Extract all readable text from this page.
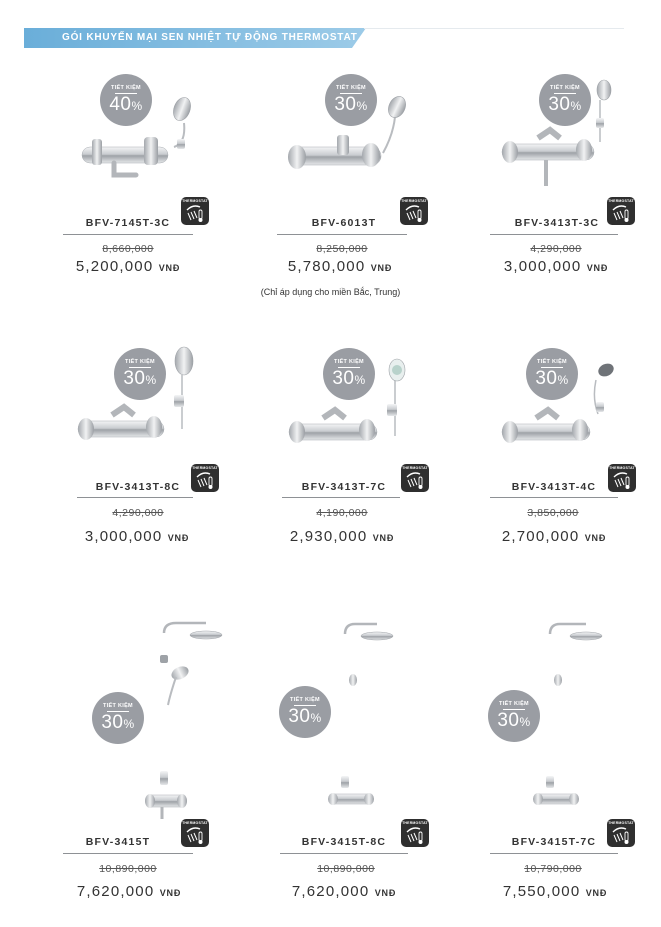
GÓI KHUYẾN MẠI SEN NHIỆT TỰ ĐỘNG THERMOSTAT
TIẾT KIỆM
40%
THERMOSTAT
BFV-7145T-3C
8,660,000
5,200,000 VNĐ
TIẾT KIỆM
30%
THERMOSTAT
BFV-6013T
8,250,000
5,780,000 VNĐ
TIẾT KIỆM
30%
THERMOSTAT
BFV-3413T-3C
4,290,000
3,000,000 VNĐ
(Chỉ áp dụng cho miền Bắc, Trung)
TIẾT KIỆM
30%
THERMOSTAT
BFV-3413T-8C
4,290,000
3,000,000 VNĐ
TIẾT KIỆM
30%
THERMOSTAT
BFV-3413T-7C
4,190,000
2,930,000 VNĐ
TIẾT KIỆM
30%
THERMOSTAT
BFV-3413T-4C
3,850,000
2,700,000 VNĐ
TIẾT KIỆM
30%
THERMOSTAT
BFV-3415T
10,890,000
7,620,000 VNĐ
TIẾT KIỆM
30%
THERMOSTAT
BFV-3415T-8C
10,890,000
7,620,000 VNĐ
TIẾT KIỆM
30%
THERMOSTAT
BFV-3415T-7C
10,790,000
7,550,000 VNĐ
